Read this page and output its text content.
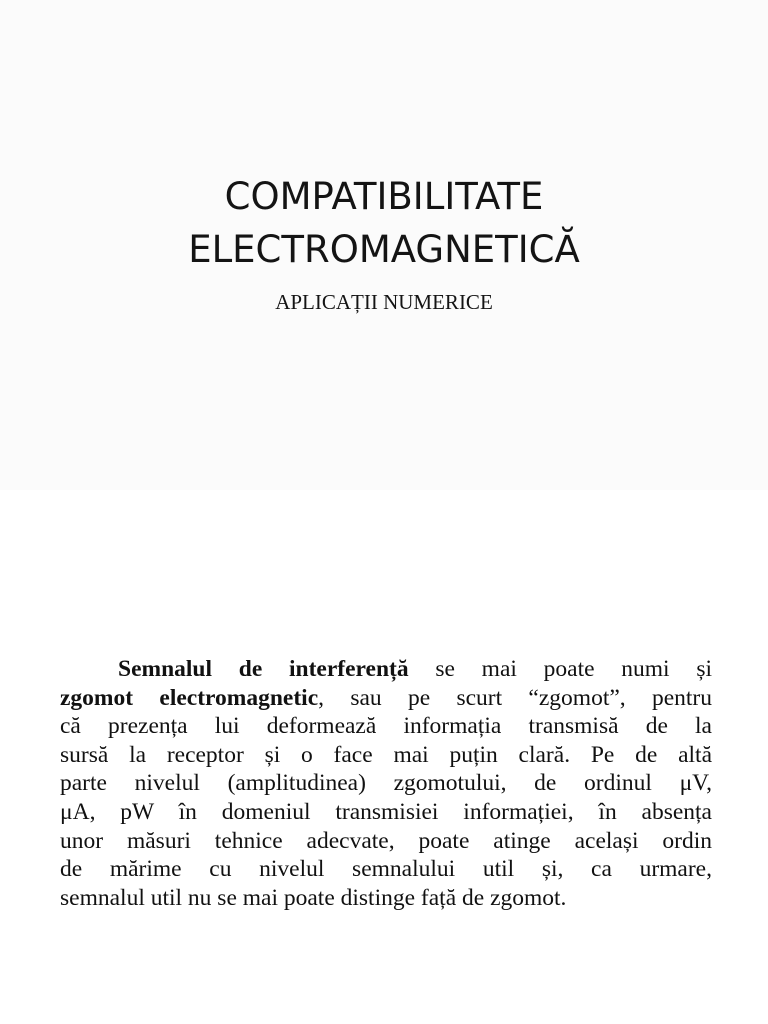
COMPATIBILITATE
ELECTROMAGNETICĂ

APLICAȚII NUMERICE

Semnalul de interferență se mai poate numi și
zgomot electromagnetic, sau pe scurt “zgomot”, pentru
că prezența lui deformează informația transmisă de la
sursă la receptor și o face mai puțin clară. Pe de altă
parte nivelul (amplitudinea) zgomotului, de ordinul μV,
μA, pW în domeniul transmisiei informației, în absența
unor măsuri tehnice adecvate, poate atinge același ordin
de mărime cu nivelul semnalului util și, ca urmare,
semnalul util nu se mai poate distinge față de zgomot.
